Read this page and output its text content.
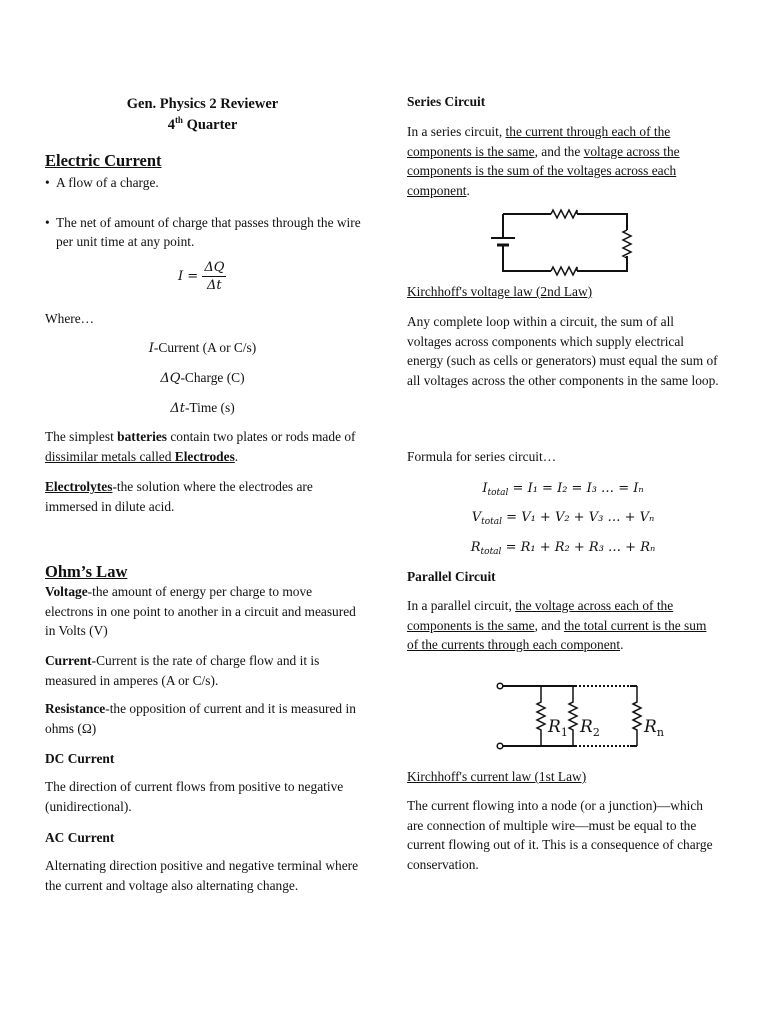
Gen. Physics 2 Reviewer
4th Quarter
Electric Current
• A flow of a charge.
• The net of amount of charge that passes through the wire per unit time at any point.
$I = \frac{\Delta Q}{\Delta t}$
Where…
I-Current (A or C/s)
ΔQ-Charge (C)
Δt-Time (s)
The simplest batteries contain two plates or rods made of dissimilar metals called Electrodes.
Electrolytes-the solution where the electrodes are immersed in dilute acid.
Ohm’s Law
Voltage-the amount of energy per charge to move electrons in one point to another in a circuit and measured in Volts (V)
Current-Current is the rate of charge flow and it is measured in amperes (A or C/s).
Resistance-the opposition of current and it is measured in ohms (Ω)
DC Current
The direction of current flows from positive to negative (unidirectional).
AC Current
Alternating direction positive and negative terminal where the current and voltage also alternating change.
Series Circuit
In a series circuit, the current through each of the components is the same, and the voltage across the components is the sum of the voltages across each component.
Kirchhoff's voltage law (2nd Law)
Any complete loop within a circuit, the sum of all voltages across components which supply electrical energy (such as cells or generators) must equal the sum of all voltages across the other components in the same loop.
Formula for series circuit…
$I_{total} = I_1 = I_2 = I_3$ … = Iₙ
$V_{total} = V_1 + V_2 + V_3$ … + Vₙ
$R_{total} = R_1 + R_2 + R_3$ … + Rₙ
Parallel Circuit
In a parallel circuit, the voltage across each of the components is the same, and the total current is the sum of the currents through each component.
$R_1$ $R_2$	$R_n$
Kirchhoff's current law (1st Law)
The current flowing into a node (or a junction)—which are connection of multiple wire—must be equal to the current flowing out of it. This is a consequence of charge conservation.
